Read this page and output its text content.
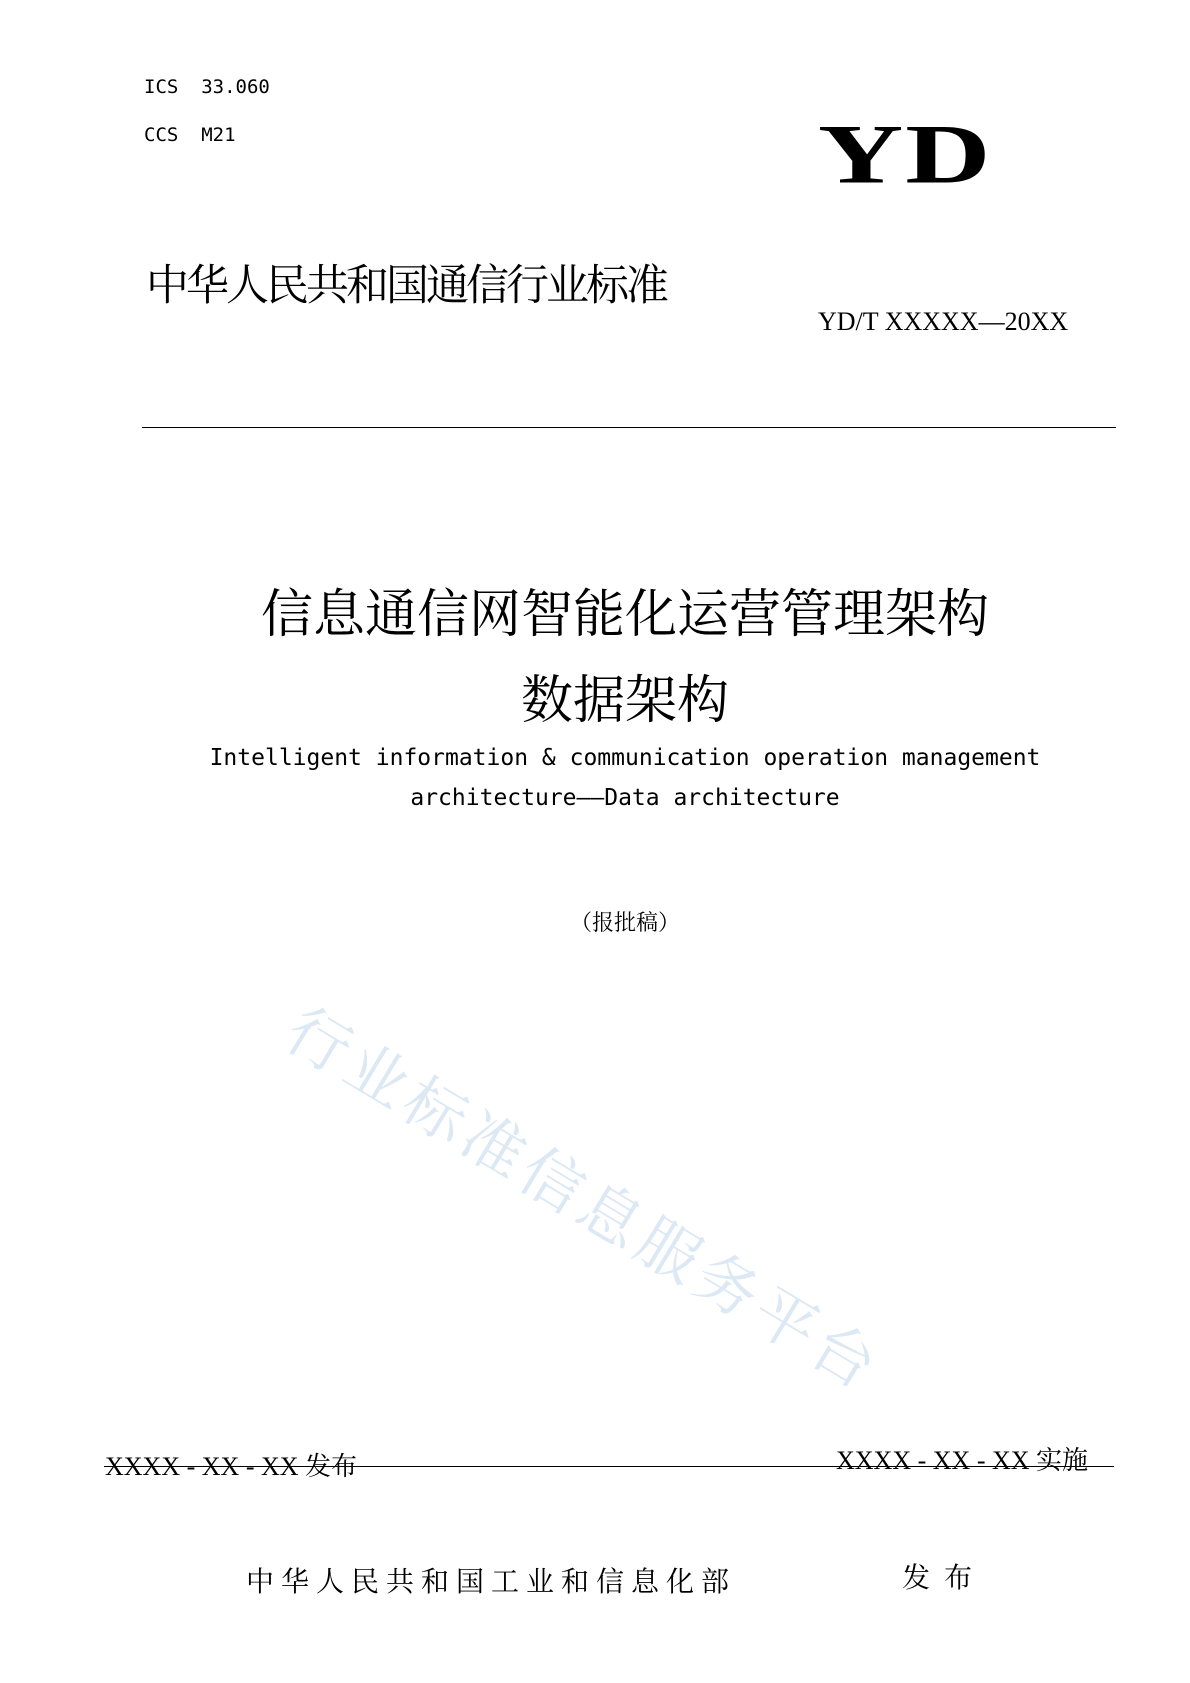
ICS  33.060
CCS  M21	YD
中华人民共和国通信行业标准
YD/T XXXXX—20XX
信息通信网智能化运营管理架构
数据架构
Intelligent information & communication operation management
architecture——Data architecture
（报批稿）
行业标准信息服务平台
XXXX - XX - XX 发布	XXXX - XX - XX 实施
中华人民共和国工业和信息化部	发布
